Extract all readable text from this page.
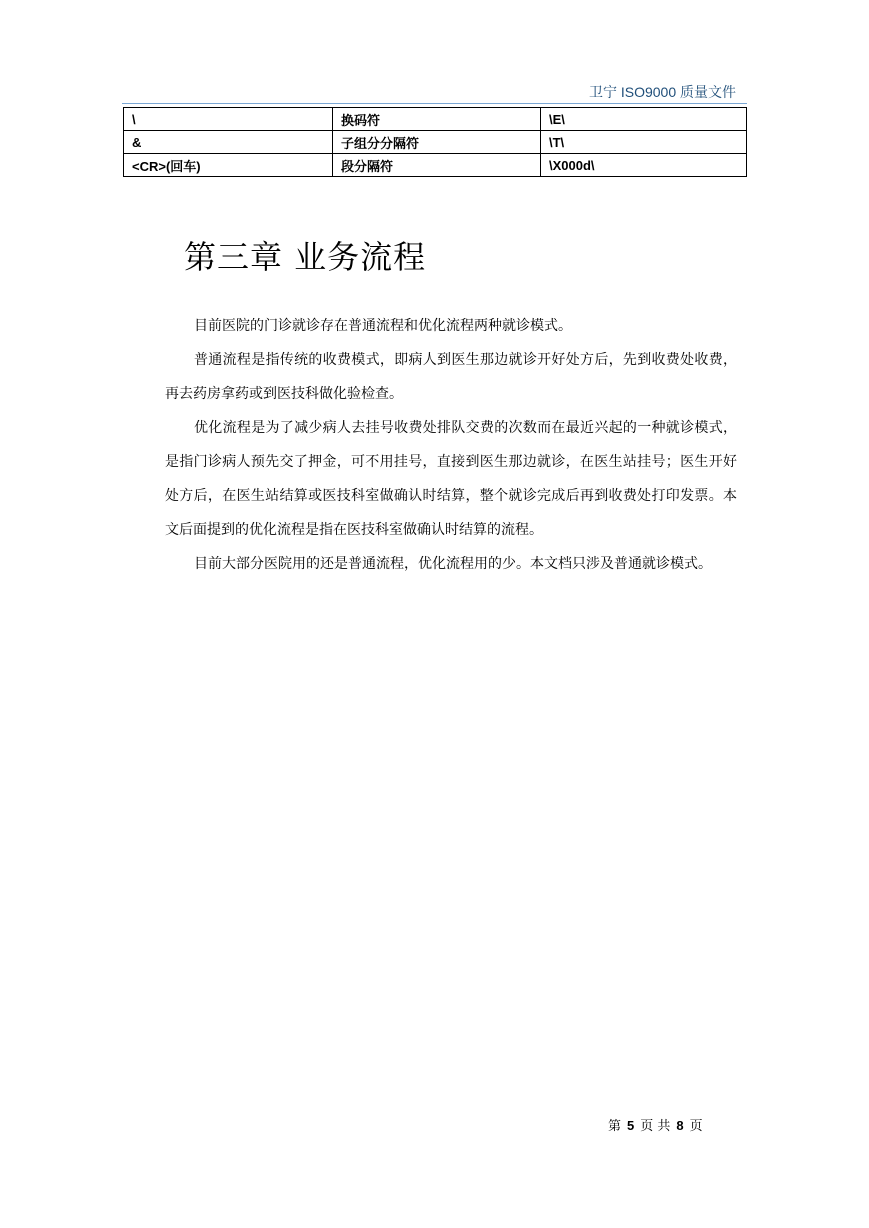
卫宁 ISO9000 质量文件
\	换码符	\E\
&	子组分分隔符	\T\
<CR>(回车)	段分隔符	\X000d\
第三章 业务流程

目前医院的门诊就诊存在普通流程和优化流程两种就诊模式。

普通流程是指传统的收费模式，即病人到医生那边就诊开好处方后，先到收费处收费，再去药房拿药或到医技科做化验检查。

优化流程是为了减少病人去挂号收费处排队交费的次数而在最近兴起的一种就诊模式，是指门诊病人预先交了押金，可不用挂号，直接到医生那边就诊，在医生站挂号；医生开好处方后，在医生站结算或医技科室做确认时结算，整个就诊完成后再到收费处打印发票。本文后面提到的优化流程是指在医技科室做确认时结算的流程。

目前大部分医院用的还是普通流程，优化流程用的少。本文档只涉及普通就诊模式。

第 5 页 共 8 页
